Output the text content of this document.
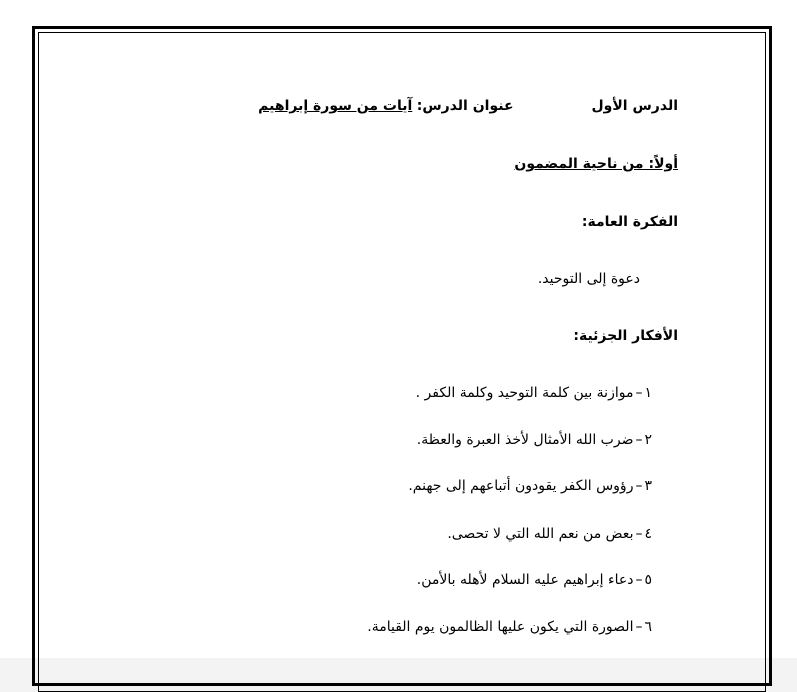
الدرس الأولعنوان الدرس: آيات من سورة إبراهيم
أولاً: من ناحية المضمون
الفكرة العامة:
دعوة إلى التوحيد.
الأفكار الجزئية:
١–موازنة بين كلمة التوحيد وكلمة الكفر .
٢–ضرب الله الأمثال لأخذ العبرة والعظة.
٣–رؤوس الكفر يقودون أتباعهم إلى جهنم.
٤–بعض من نعم الله التي لا تحصى.
٥–دعاء إبراهيم عليه السلام لأهله بالأمن.
٦–الصورة التي يكون عليها الظالمون يوم القيامة.
